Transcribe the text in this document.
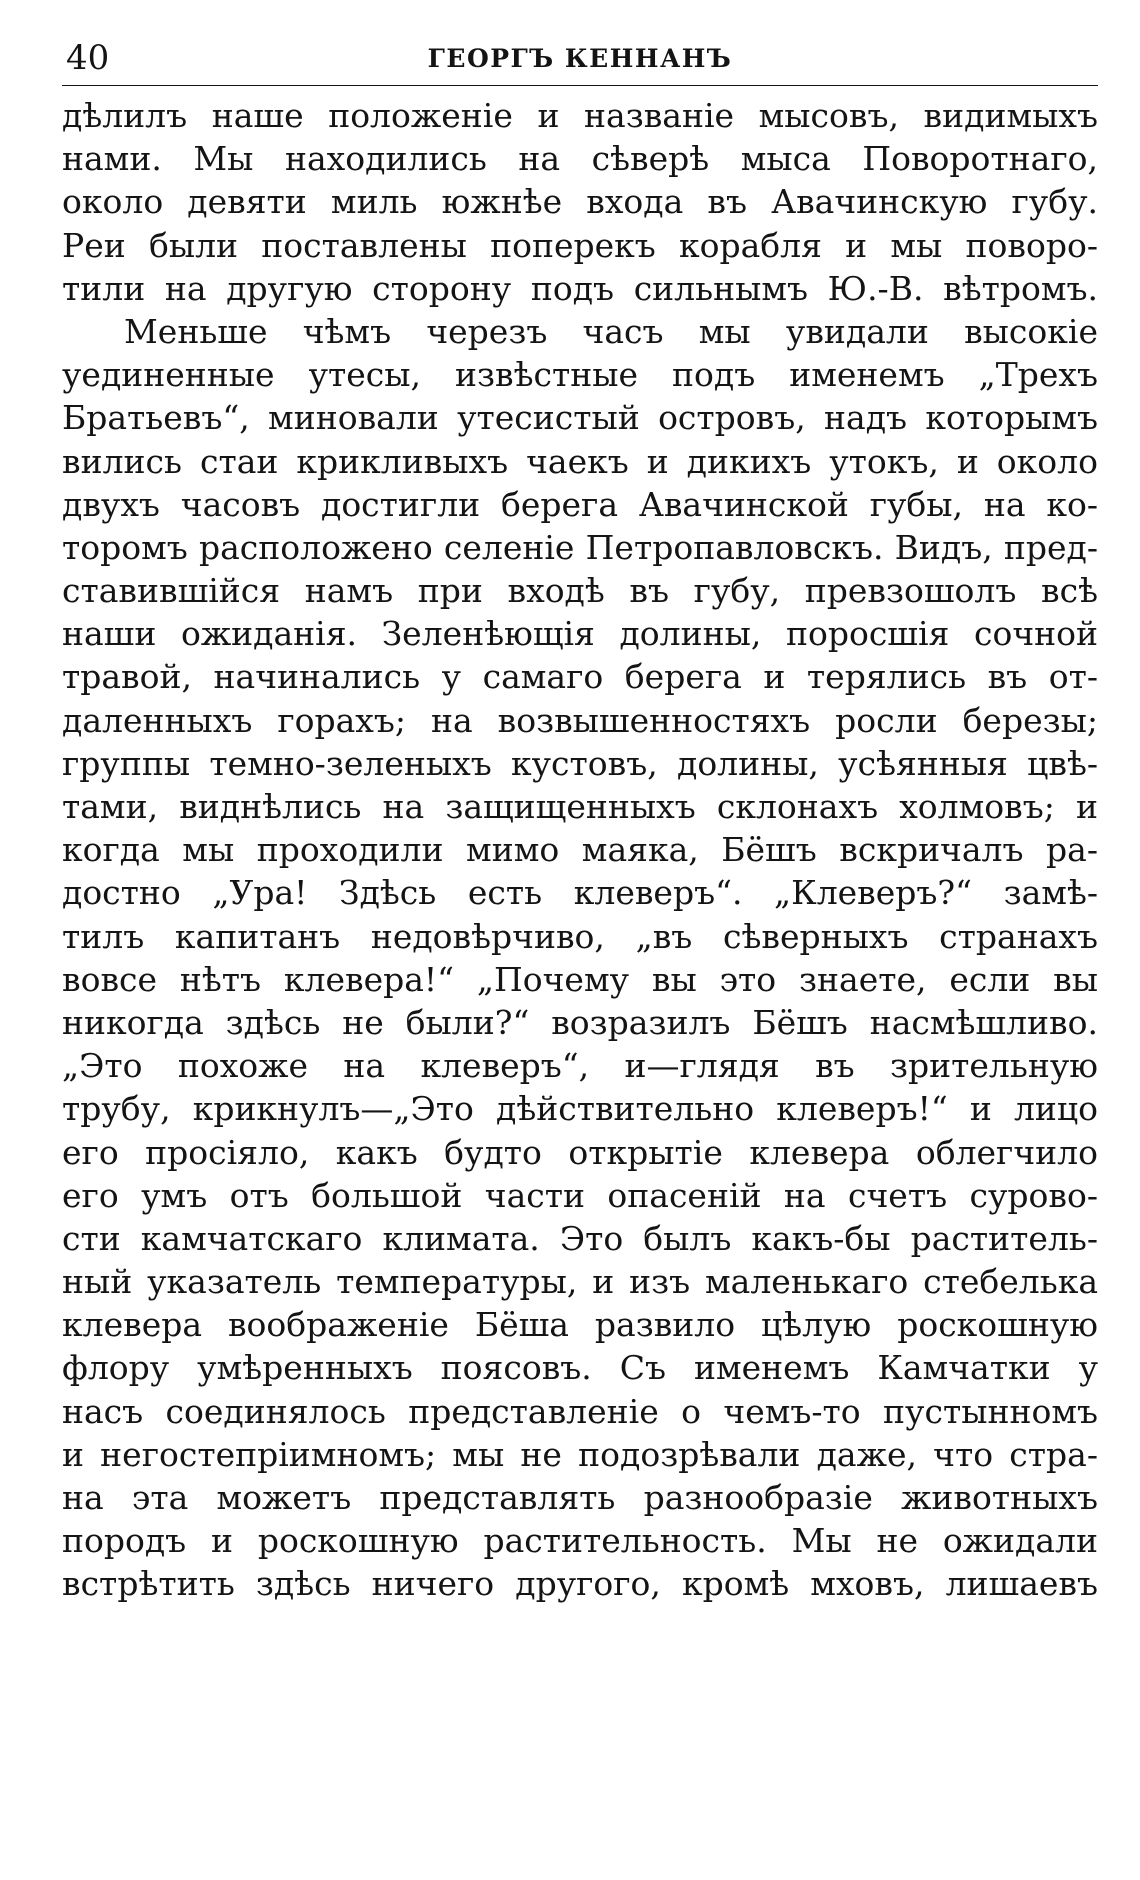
40	ГЕОРГЪ КЕННАНЪ
дѣлилъ наше положеніе и названіе мысовъ, видимыхъ
нами. Мы находились на сѣверѣ мыса Поворотнаго,
около девяти миль южнѣе входа въ Авачинскую губу.
Реи были поставлены поперекъ корабля и мы поворо-
тили на другую сторону подъ сильнымъ Ю.-В. вѣтромъ.
Меньше чѣмъ черезъ часъ мы увидали высокіе
уединенные утесы, извѣстные подъ именемъ „Трехъ
Братьевъ“, миновали утесистый островъ, надъ которымъ
вились стаи крикливыхъ чаекъ и дикихъ утокъ, и около
двухъ часовъ достигли берега Авачинской губы, на ко-
торомъ расположено селеніе Петропавловскъ. Видъ, пред-
ставившійся намъ при входѣ въ губу, превзошолъ всѣ
наши ожиданія. Зеленѣющія долины, поросшія сочной
травой, начинались у самаго берега и терялись въ от-
даленныхъ горахъ; на возвышенностяхъ росли березы;
группы темно-зеленыхъ кустовъ, долины, усѣянныя цвѣ-
тами, виднѣлись на защищенныхъ склонахъ холмовъ; и
когда мы проходили мимо маяка, Бёшъ вскричалъ ра-
достно „Ура! Здѣсь есть клеверъ“. „Клеверъ?“ замѣ-
тилъ капитанъ недовѣрчиво, „въ сѣверныхъ странахъ
вовсе нѣтъ клевера!“ „Почему вы это знаете, если вы
никогда здѣсь не были?“ возразилъ Бёшъ насмѣшливо.
„Это похоже на клеверъ“, и—глядя въ зрительную
трубу, крикнулъ—„Это дѣйствительно клеверъ!“ и лицо
его просіяло, какъ будто открытіе клевера облегчило
его умъ отъ большой части опасеній на счетъ сурово-
сти камчатскаго климата. Это былъ какъ-бы раститель-
ный указатель температуры, и изъ маленькаго стебелька
клевера воображеніе Бёша развило цѣлую роскошную
флору умѣренныхъ поясовъ. Съ именемъ Камчатки у
насъ соединялось представленіе о чемъ-то пустынномъ
и негостепріимномъ; мы не подозрѣвали даже, что стра-
на эта можетъ представлять разнообразіе животныхъ
породъ и роскошную растительность. Мы не ожидали
встрѣтить здѣсь ничего другого, кромѣ мховъ, лишаевъ
